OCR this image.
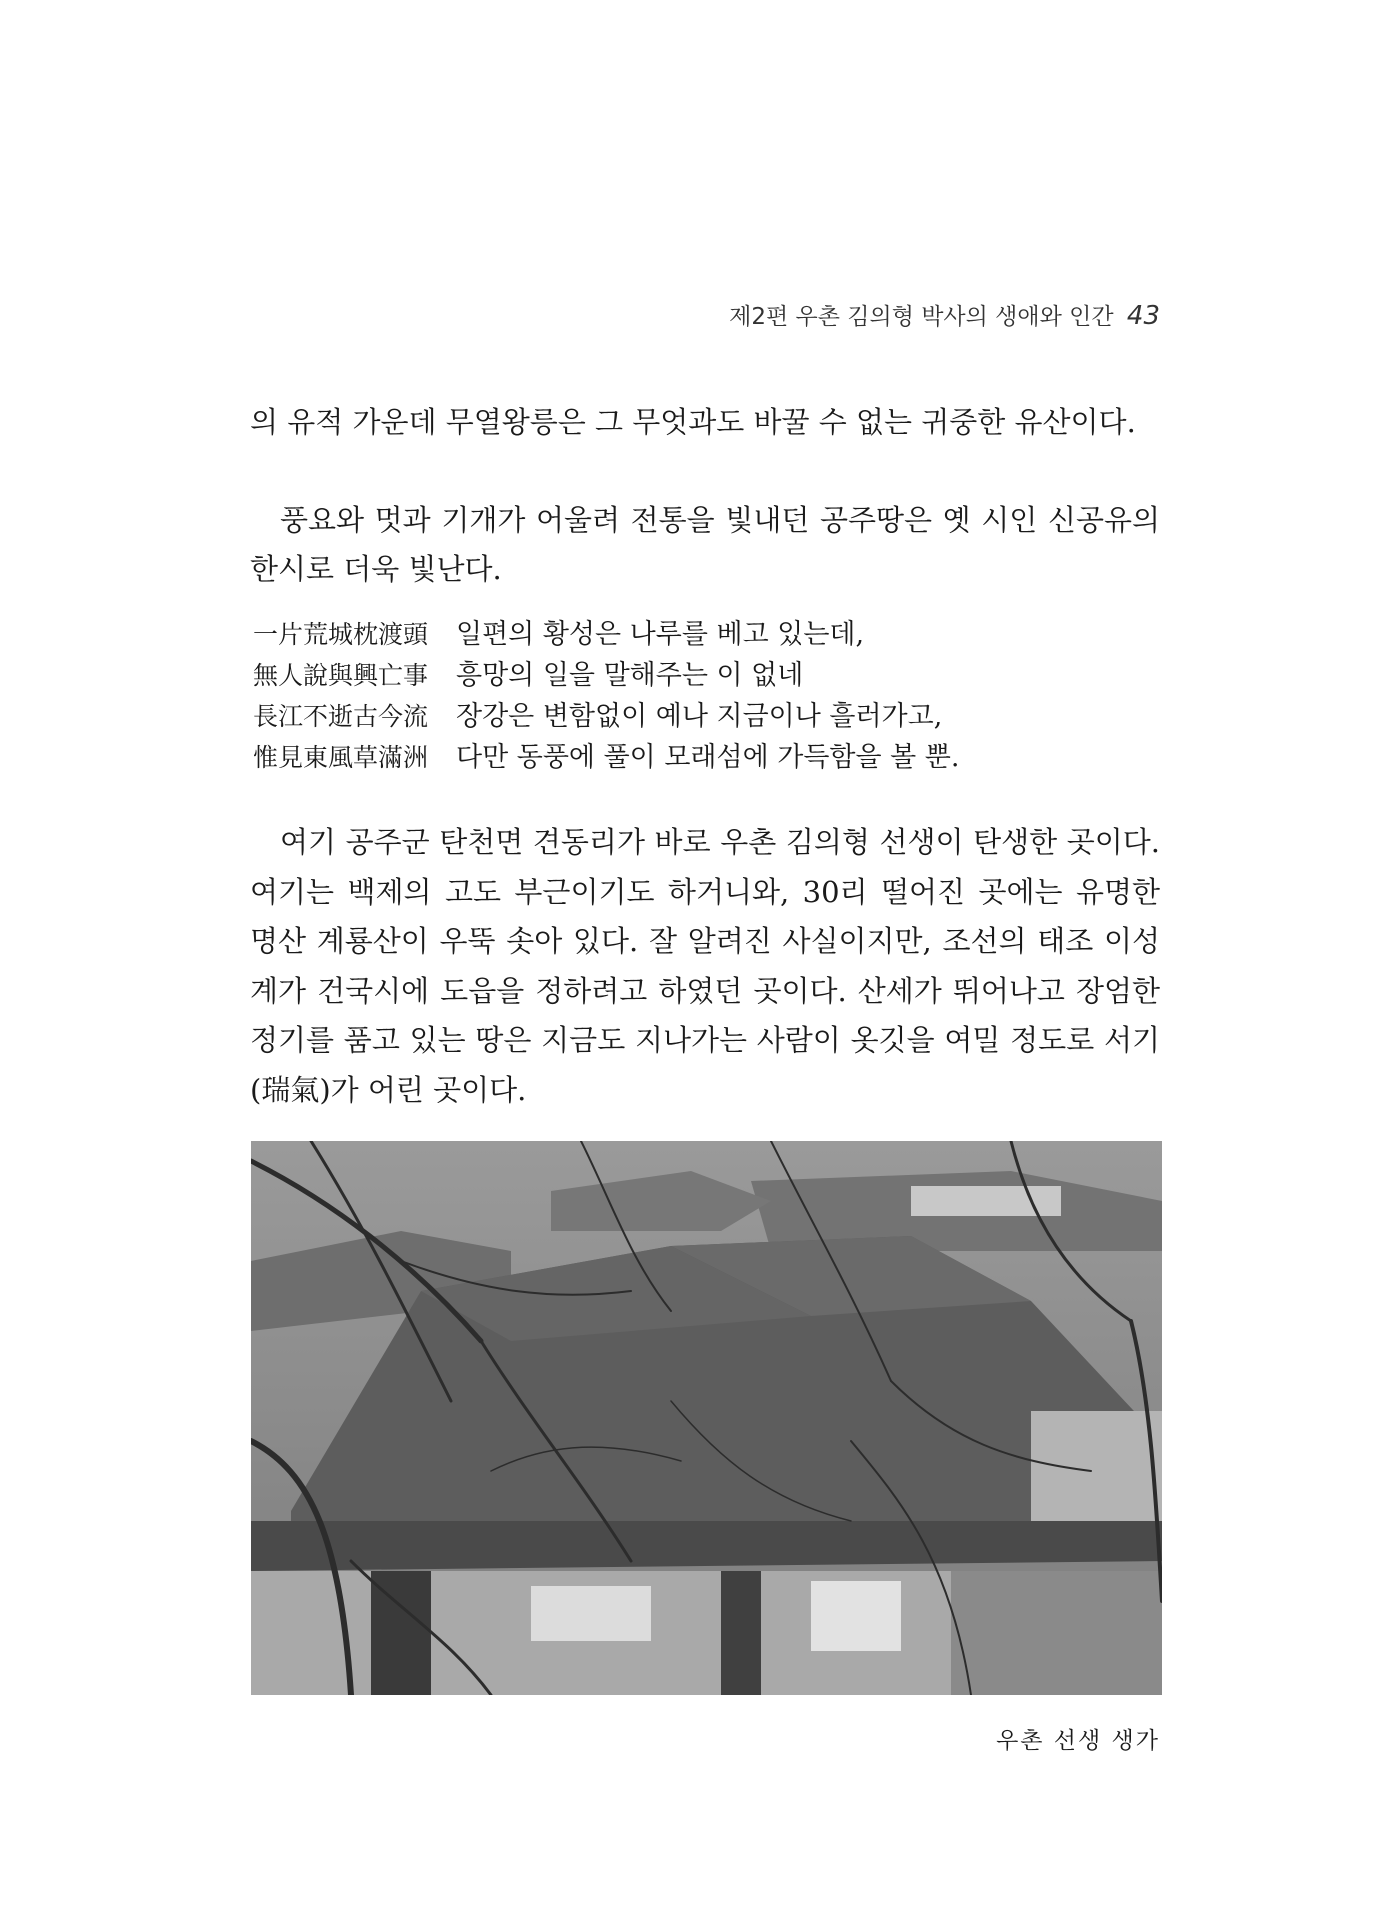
제2편 우촌 김의형 박사의 생애와 인간 43

의 유적 가운데 무열왕릉은 그 무엇과도 바꿀 수 없는 귀중한 유산이다.

풍요와 멋과 기개가 어울려 전통을 빛내던 공주땅은 옛 시인 신공유의 한시로 더욱 빛난다.

一片荒城枕渡頭 일편의 황성은 나루를 베고 있는데,
無人說與興亡事 흥망의 일을 말해주는 이 없네
長江不逝古今流 장강은 변함없이 예나 지금이나 흘러가고,
惟見東風草滿洲 다만 동풍에 풀이 모래섬에 가득함을 볼 뿐.

여기 공주군 탄천면 견동리가 바로 우촌 김의형 선생이 탄생한 곳이다. 여기는 백제의 고도 부근이기도 하거니와, 30리 떨어진 곳에는 유명한 명산 계룡산이 우뚝 솟아 있다. 잘 알려진 사실이지만, 조선의 태조 이성계가 건국시에 도읍을 정하려고 하였던 곳이다. 산세가 뛰어나고 장엄한 정기를 품고 있는 땅은 지금도 지나가는 사람이 옷깃을 여밀 정도로 서기(瑞氣)가 어린 곳이다.

우촌 선생 생가
